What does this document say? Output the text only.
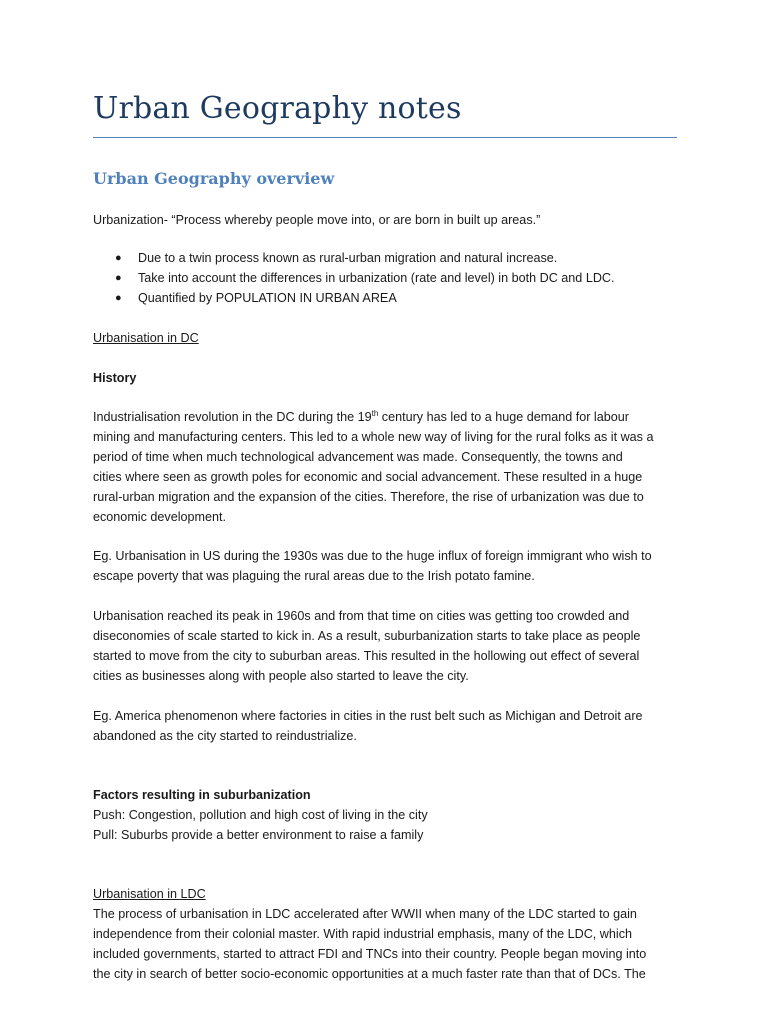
Urban Geography notes
Urban Geography overview

Urbanization- “Process whereby people move into, or are born in built up areas.”

● Due to a twin process known as rural-urban migration and natural increase.
● Take into account the differences in urbanization (rate and level) in both DC and LDC.
● Quantified by POPULATION IN URBAN AREA

Urbanisation in DC

History

Industrialisation revolution in the DC during the 19th century has led to a huge demand for labour
mining and manufacturing centers. This led to a whole new way of living for the rural folks as it was a
period of time when much technological advancement was made. Consequently, the towns and
cities where seen as growth poles for economic and social advancement. These resulted in a huge
rural-urban migration and the expansion of the cities. Therefore, the rise of urbanization was due to
economic development.
Eg. Urbanisation in US during the 1930s was due to the huge influx of foreign immigrant who wish to
escape poverty that was plaguing the rural areas due to the Irish potato famine.
Urbanisation reached its peak in 1960s and from that time on cities was getting too crowded and
diseconomies of scale started to kick in. As a result, suburbanization starts to take place as people
started to move from the city to suburban areas. This resulted in the hollowing out effect of several
cities as businesses along with people also started to leave the city.
Eg. America phenomenon where factories in cities in the rust belt such as Michigan and Detroit are
abandoned as the city started to reindustrialize.
Factors resulting in suburbanization
Push: Congestion, pollution and high cost of living in the city
Pull: Suburbs provide a better environment to raise a family
Urbanisation in LDC
The process of urbanisation in LDC accelerated after WWII when many of the LDC started to gain
independence from their colonial master. With rapid industrial emphasis, many of the LDC, which
included governments, started to attract FDI and TNCs into their country. People began moving into
the city in search of better socio-economic opportunities at a much faster rate than that of DCs. The
